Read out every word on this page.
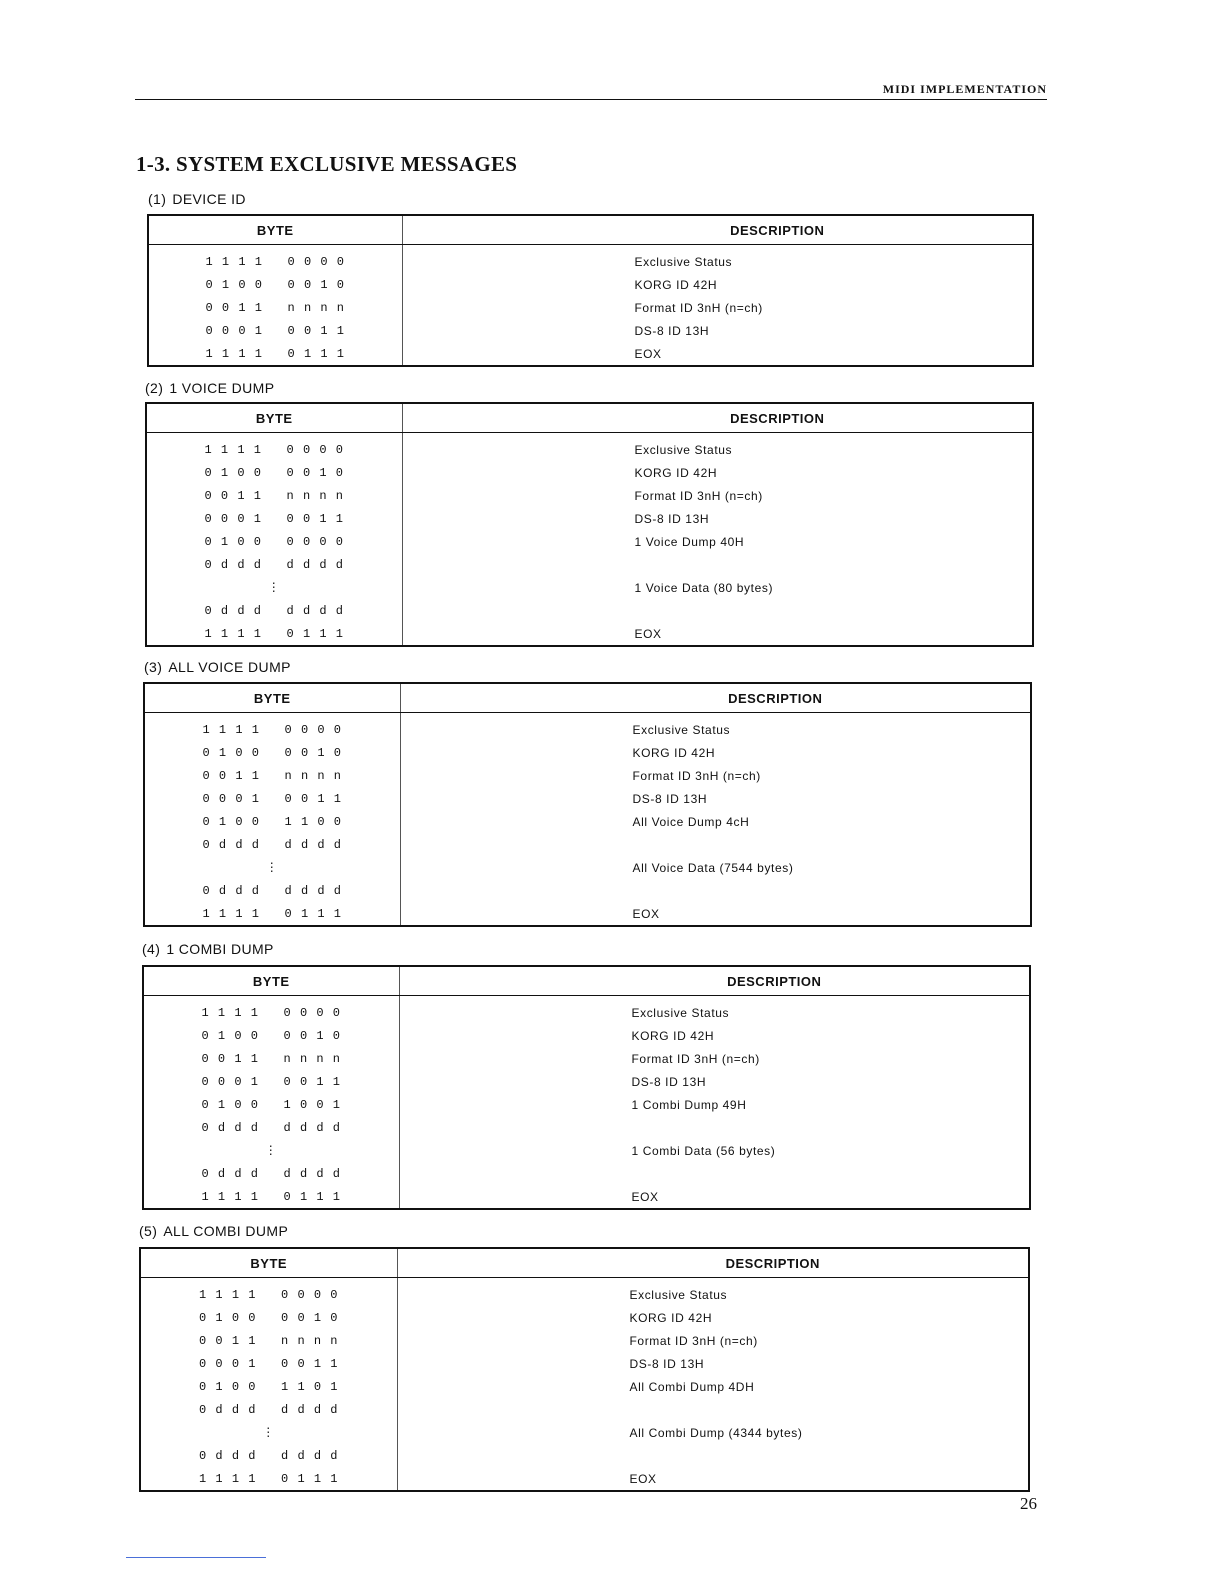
MIDI IMPLEMENTATION
1-3. SYSTEM EXCLUSIVE MESSAGES
(1) DEVICE ID
BYTE	DESCRIPTION
1 1 1 1   0 0 0 0	Exclusive Status
0 1 0 0   0 0 1 0	KORG ID 42H
0 0 1 1   n n n n	Format ID 3nH (n=ch)
0 0 0 1   0 0 1 1	DS-8 ID 13H
1 1 1 1   0 1 1 1	EOX
(2) 1 VOICE DUMP
BYTE	DESCRIPTION
1 1 1 1   0 0 0 0	Exclusive Status
0 1 0 0   0 0 1 0	KORG ID 42H
0 0 1 1   n n n n	Format ID 3nH (n=ch)
0 0 0 1   0 0 1 1	DS-8 ID 13H
0 1 0 0   0 0 0 0	1 Voice Dump 40H
0 d d d   d d d d	
⋮	1 Voice Data (80 bytes)
0 d d d   d d d d	
1 1 1 1   0 1 1 1	EOX
(3) ALL VOICE DUMP
BYTE	DESCRIPTION
1 1 1 1   0 0 0 0	Exclusive Status
0 1 0 0   0 0 1 0	KORG ID 42H
0 0 1 1   n n n n	Format ID 3nH (n=ch)
0 0 0 1   0 0 1 1	DS-8 ID 13H
0 1 0 0   1 1 0 0	All Voice Dump 4cH
0 d d d   d d d d	
⋮	All Voice Data (7544 bytes)
0 d d d   d d d d	
1 1 1 1   0 1 1 1	EOX
(4) 1 COMBI DUMP
BYTE	DESCRIPTION
1 1 1 1   0 0 0 0	Exclusive Status
0 1 0 0   0 0 1 0	KORG ID 42H
0 0 1 1   n n n n	Format ID 3nH (n=ch)
0 0 0 1   0 0 1 1	DS-8 ID 13H
0 1 0 0   1 0 0 1	1 Combi Dump 49H
0 d d d   d d d d	
⋮	1 Combi Data (56 bytes)
0 d d d   d d d d	
1 1 1 1   0 1 1 1	EOX
(5) ALL COMBI DUMP
BYTE	DESCRIPTION
1 1 1 1   0 0 0 0	Exclusive Status
0 1 0 0   0 0 1 0	KORG ID 42H
0 0 1 1   n n n n	Format ID 3nH (n=ch)
0 0 0 1   0 0 1 1	DS-8 ID 13H
0 1 0 0   1 1 0 1	All Combi Dump 4DH
0 d d d   d d d d	
⋮	All Combi Dump (4344 bytes)
0 d d d   d d d d	
1 1 1 1   0 1 1 1	EOX
26
